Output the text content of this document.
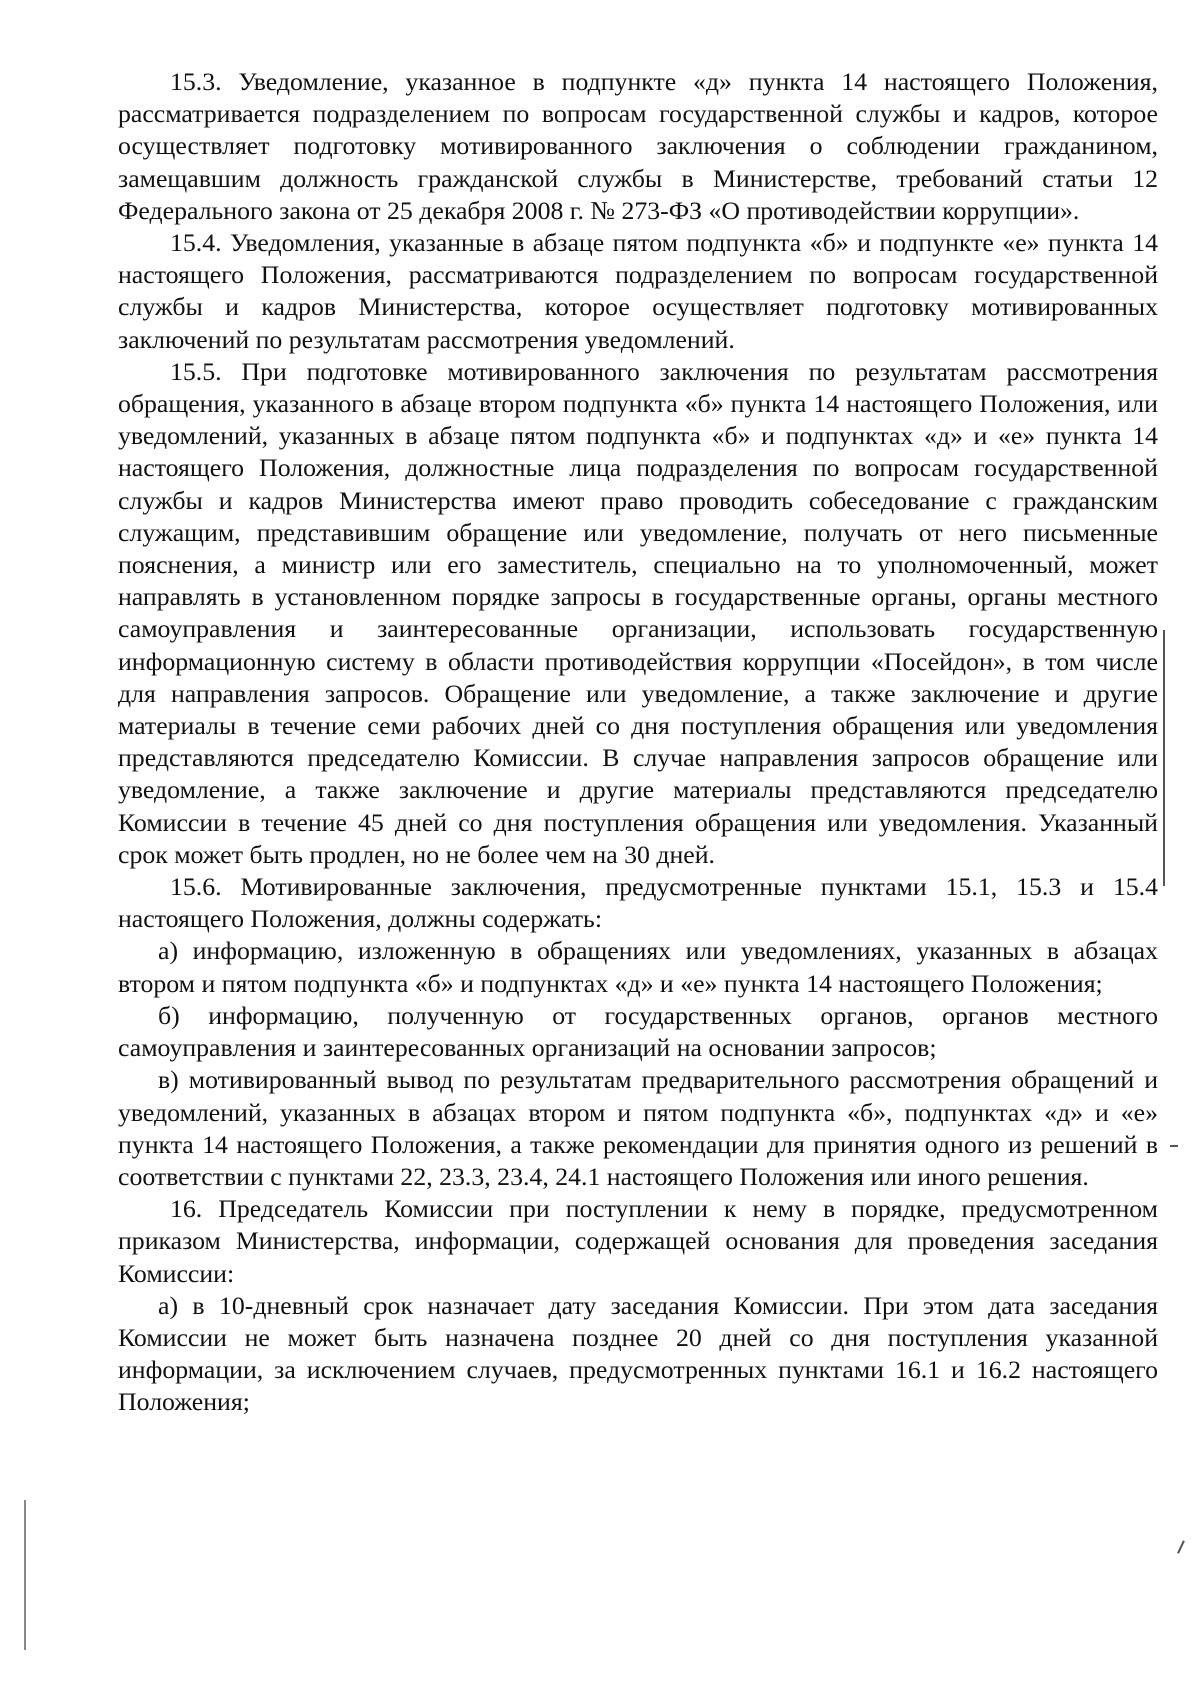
15.3. Уведомление, указанное в подпункте «д» пункта 14 настоящего Положения, рассматривается подразделением по вопросам государственной службы и кадров, которое осуществляет подготовку мотивированного заключения о соблюдении гражданином, замещавшим должность гражданской службы в Министерстве, требований статьи 12 Федерального закона от 25 декабря 2008 г. № 273-ФЗ «О противодействии коррупции».

15.4. Уведомления, указанные в абзаце пятом подпункта «б» и подпункте «е» пункта 14 настоящего Положения, рассматриваются подразделением по вопросам государственной службы и кадров Министерства, которое осуществляет подготовку мотивированных заключений по результатам рассмотрения уведомлений.

15.5. При подготовке мотивированного заключения по результатам рассмотрения обращения, указанного в абзаце втором подпункта «б» пункта 14 настоящего Положения, или уведомлений, указанных в абзаце пятом подпункта «б» и подпунктах «д» и «е» пункта 14 настоящего Положения, должностные лица подразделения по вопросам государственной службы и кадров Министерства имеют право проводить собеседование с гражданским служащим, представившим обращение или уведомление, получать от него письменные пояснения, а министр или его заместитель, специально на то уполномоченный, может направлять в установленном порядке запросы в государственные органы, органы местного самоуправления и заинтересованные организации, использовать государственную информационную систему в области противодействия коррупции «Посейдон», в том числе для направления запросов. Обращение или уведомление, а также заключение и другие материалы в течение семи рабочих дней со дня поступления обращения или уведомления представляются председателю Комиссии. В случае направления запросов обращение или уведомление, а также заключение и другие материалы представляются председателю Комиссии в течение 45 дней со дня поступления обращения или уведомления. Указанный срок может быть продлен, но не более чем на 30 дней.

15.6. Мотивированные заключения, предусмотренные пунктами 15.1, 15.3 и 15.4 настоящего Положения, должны содержать:

а) информацию, изложенную в обращениях или уведомлениях, указанных в абзацах втором и пятом подпункта «б» и подпунктах «д» и «е» пункта 14 настоящего Положения;

б) информацию, полученную от государственных органов, органов местного самоуправления и заинтересованных организаций на основании запросов;

в) мотивированный вывод по результатам предварительного рассмотрения обращений и уведомлений, указанных в абзацах втором и пятом подпункта «б», подпунктах «д» и «е» пункта 14 настоящего Положения, а также рекомендации для принятия одного из решений в соответствии с пунктами 22, 23.3, 23.4, 24.1 настоящего Положения или иного решения.

16. Председатель Комиссии при поступлении к нему в порядке, предусмотренном приказом Министерства, информации, содержащей основания для проведения заседания Комиссии:

а) в 10-дневный срок назначает дату заседания Комиссии. При этом дата заседания Комиссии не может быть назначена позднее 20 дней со дня поступления указанной информации, за исключением случаев, предусмотренных пунктами 16.1 и 16.2 настоящего Положения;
